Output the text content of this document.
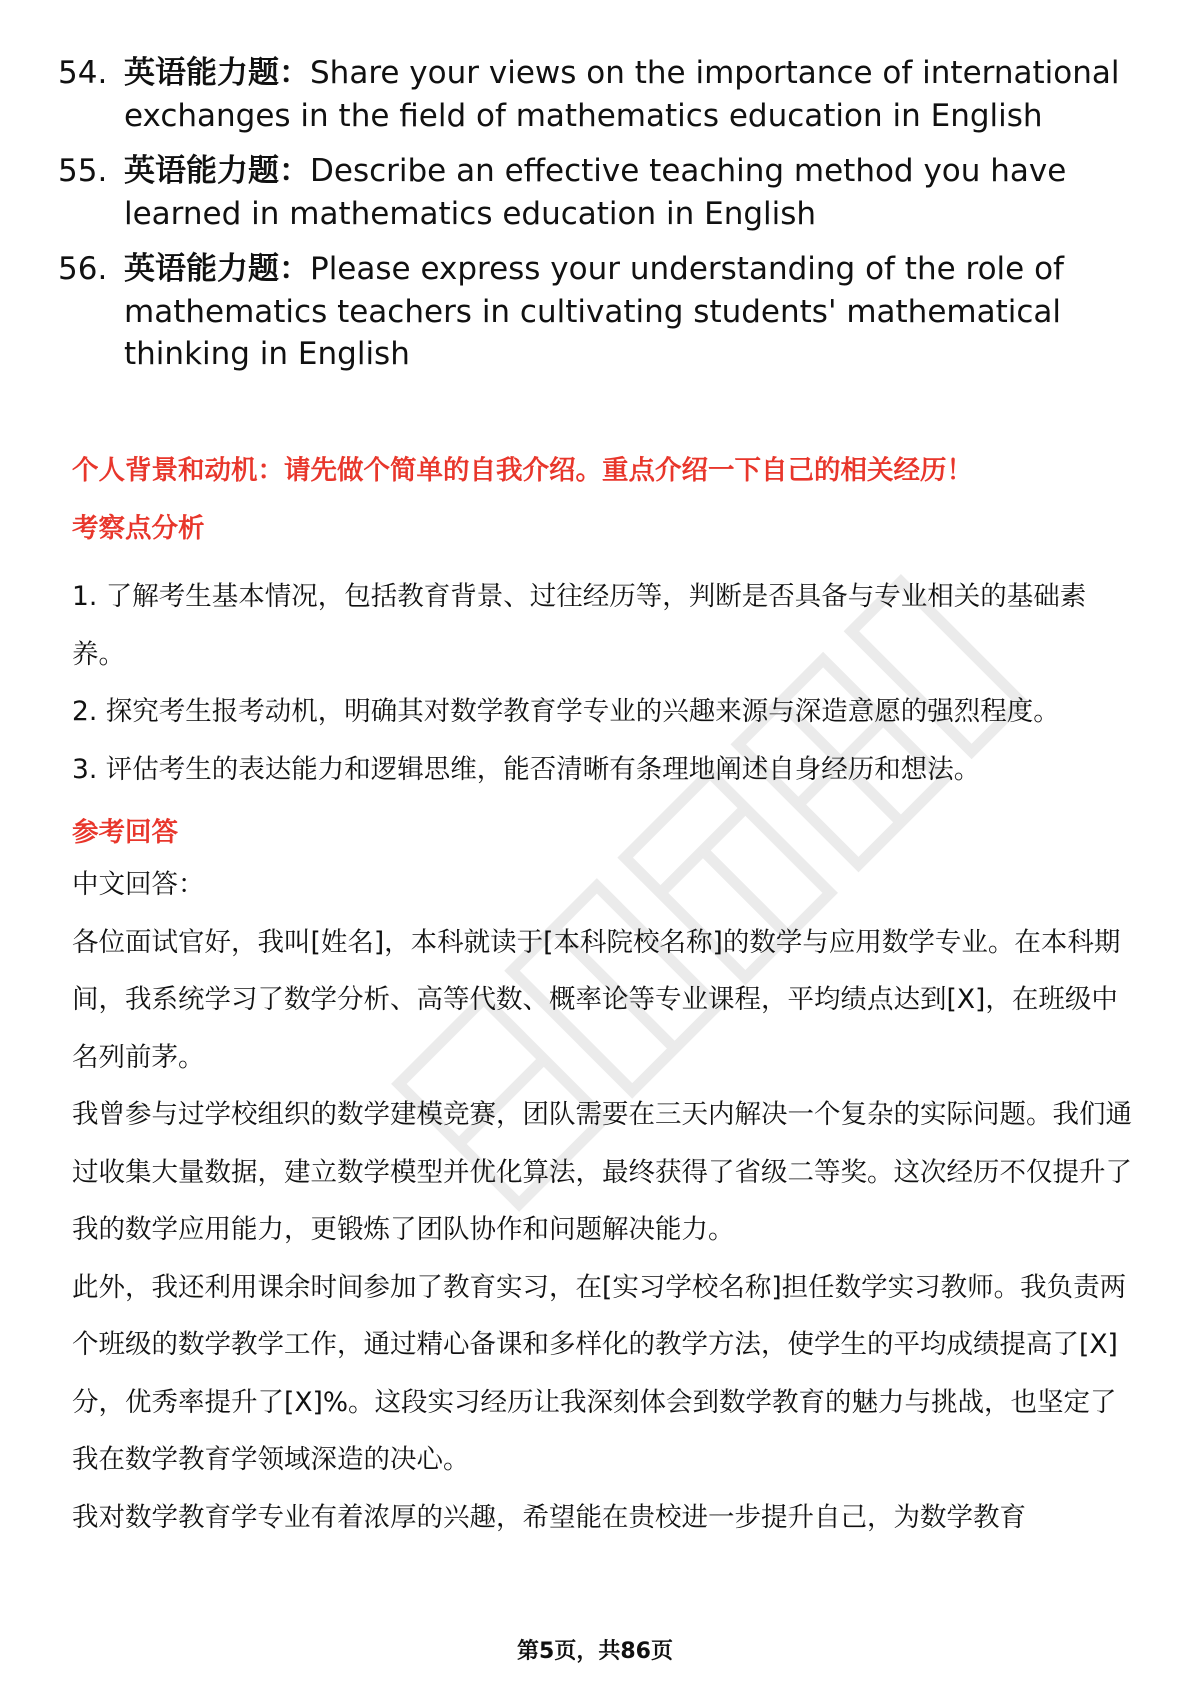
54. 英语能力题：Share your views on the importance of international exchanges in the field of mathematics education in English
55. 英语能力题：Describe an effective teaching method you have learned in mathematics education in English
56. 英语能力题：Please express your understanding of the role of mathematics teachers in cultivating students' mathematical thinking in English
个人背景和动机：请先做个简单的自我介绍。重点介绍一下自己的相关经历！
考察点分析

1. 了解考生基本情况，包括教育背景、过往经历等，判断是否具备与专业相关的基础素养。

2. 探究考生报考动机，明确其对数学教育学专业的兴趣来源与深造意愿的强烈程度。

3. 评估考生的表达能力和逻辑思维，能否清晰有条理地阐述自身经历和想法。

参考回答

中文回答：

各位面试官好，我叫[姓名]，本科就读于[本科院校名称]的数学与应用数学专业。在本科期间，我系统学习了数学分析、高等代数、概率论等专业课程，平均绩点达到[X]，在班级中名列前茅。

我曾参与过学校组织的数学建模竞赛，团队需要在三天内解决一个复杂的实际问题。我们通过收集大量数据，建立数学模型并优化算法，最终获得了省级二等奖。这次经历不仅提升了我的数学应用能力，更锻炼了团队协作和问题解决能力。

此外，我还利用课余时间参加了教育实习，在[实习学校名称]担任数学实习教师。我负责两个班级的数学教学工作，通过精心备课和多样化的教学方法，使学生的平均成绩提高了[X]分，优秀率提升了[X]%。这段实习经历让我深刻体会到数学教育的魅力与挑战，也坚定了我在数学教育学领域深造的决心。

我对数学教育学专业有着浓厚的兴趣，希望能在贵校进一步提升自己，为数学教育

第5页，共86页
